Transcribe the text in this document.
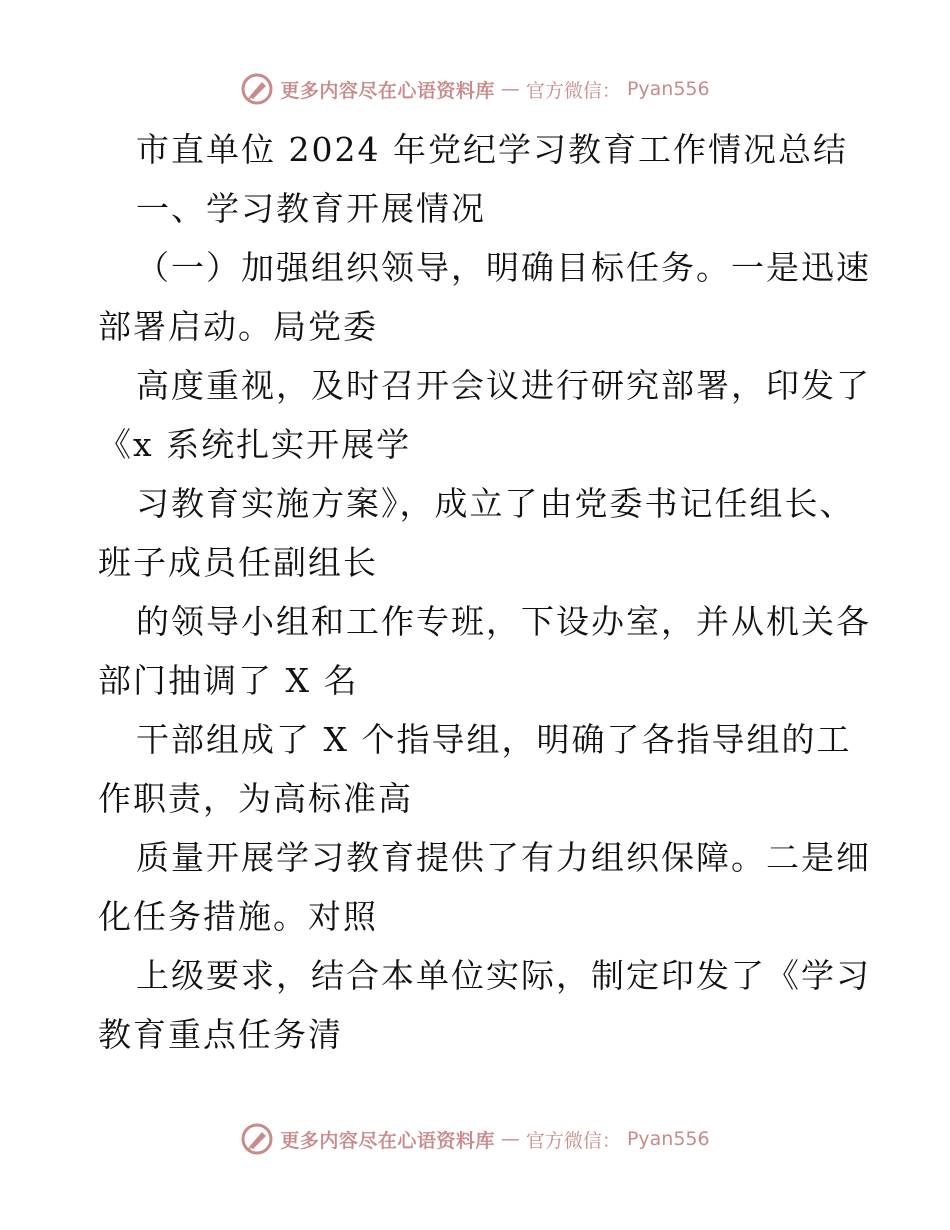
更多内容尽在心语资料库 — 官方微信： Pyan556
市直单位 2024 年党纪学习教育工作情况总结
一、学习教育开展情况
（一）加强组织领导，明确目标任务。一是迅速
部署启动。局党委
高度重视，及时召开会议进行研究部署，印发了
《x 系统扎实开展学
习教育实施方案》，成立了由党委书记任组长、
班子成员任副组长
的领导小组和工作专班，下设办室，并从机关各
部门抽调了 X 名
干部组成了 X 个指导组，明确了各指导组的工
作职责，为高标准高
质量开展学习教育提供了有力组织保障。二是细
化任务措施。对照
上级要求，结合本单位实际，制定印发了《学习
教育重点任务清
更多内容尽在心语资料库 — 官方微信： Pyan556
